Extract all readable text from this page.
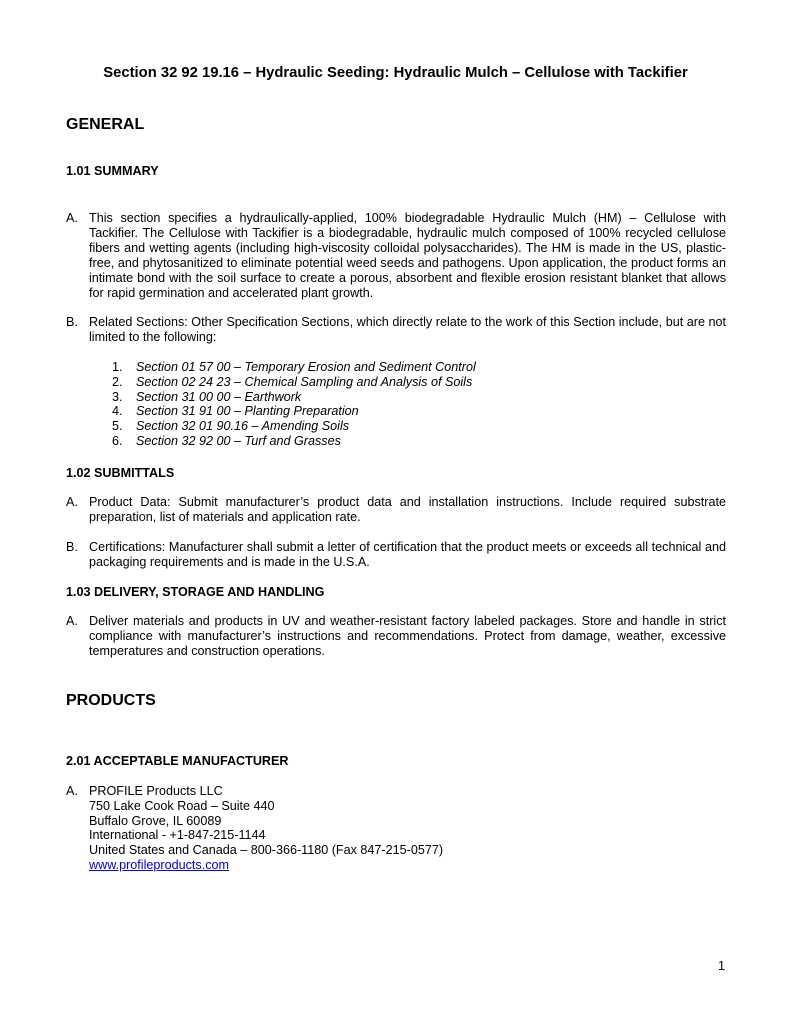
Section 32 92 19.16 – Hydraulic Seeding: Hydraulic Mulch – Cellulose with Tackifier
GENERAL
1.01 SUMMARY
A. This section specifies a hydraulically-applied, 100% biodegradable Hydraulic Mulch (HM) – Cellulose with Tackifier. The Cellulose with Tackifier is a biodegradable, hydraulic mulch composed of 100% recycled cellulose fibers and wetting agents (including high-viscosity colloidal polysaccharides). The HM is made in the US, plastic-free, and phytosanitized to eliminate potential weed seeds and pathogens. Upon application, the product forms an intimate bond with the soil surface to create a porous, absorbent and flexible erosion resistant blanket that allows for rapid germination and accelerated plant growth.
B. Related Sections: Other Specification Sections, which directly relate to the work of this Section include, but are not limited to the following:
1. Section 01 57 00 – Temporary Erosion and Sediment Control
2. Section 02 24 23 – Chemical Sampling and Analysis of Soils
3. Section 31 00 00 – Earthwork
4. Section 31 91 00 – Planting Preparation
5. Section 32 01 90.16 – Amending Soils
6. Section 32 92 00 – Turf and Grasses
1.02 SUBMITTALS
A. Product Data: Submit manufacturer’s product data and installation instructions. Include required substrate preparation, list of materials and application rate.
B. Certifications: Manufacturer shall submit a letter of certification that the product meets or exceeds all technical and packaging requirements and is made in the U.S.A.
1.03 DELIVERY, STORAGE AND HANDLING
A. Deliver materials and products in UV and weather-resistant factory labeled packages. Store and handle in strict compliance with manufacturer’s instructions and recommendations. Protect from damage, weather, excessive temperatures and construction operations.
PRODUCTS
2.01 ACCEPTABLE MANUFACTURER
A. PROFILE Products LLC
750 Lake Cook Road – Suite 440
Buffalo Grove, IL 60089
International - +1-847-215-1144
United States and Canada – 800-366-1180 (Fax 847-215-0577)
www.profileproducts.com
1
